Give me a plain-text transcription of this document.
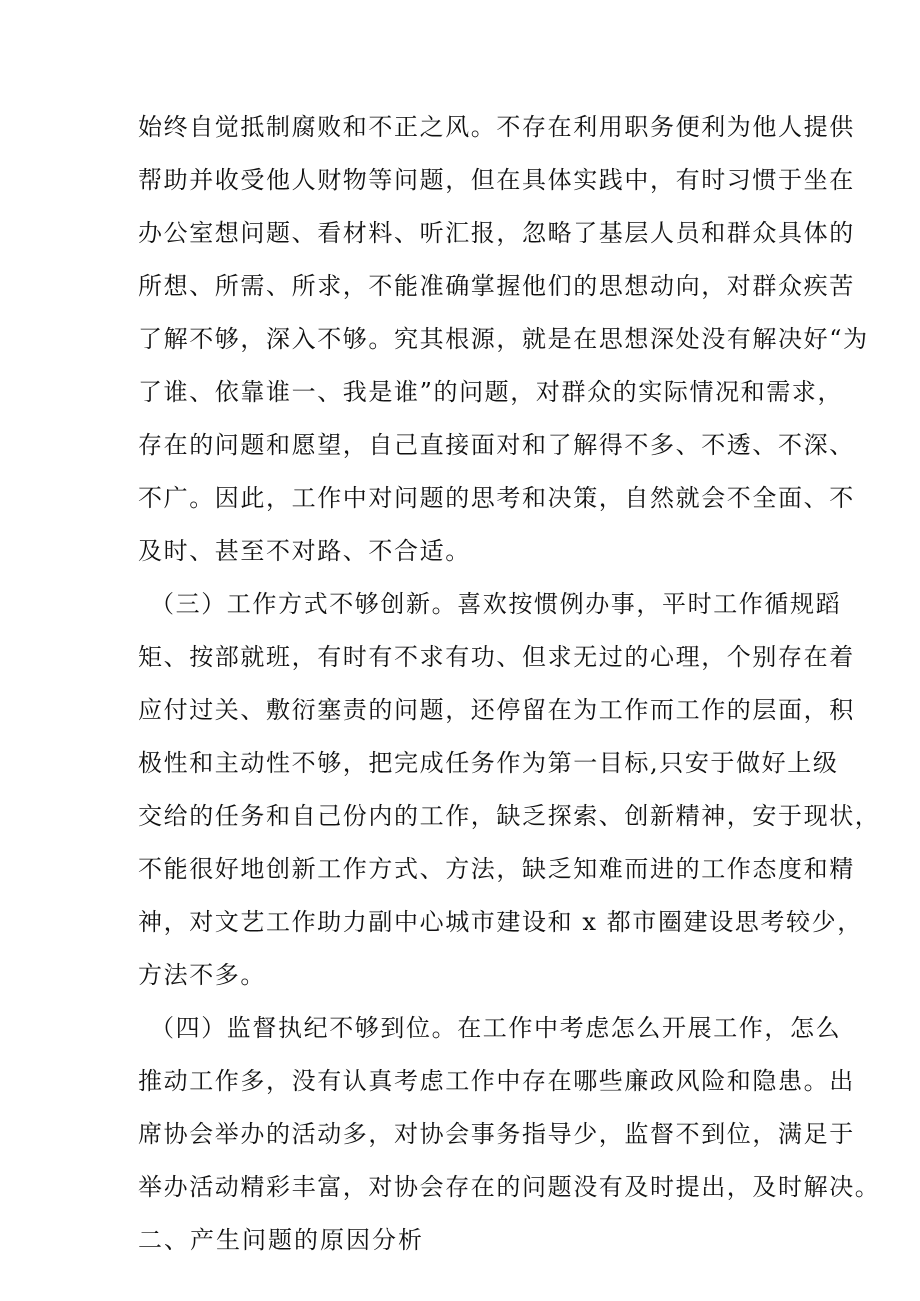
始终自觉抵制腐败和不正之风。不存在利用职务便利为他人提供
帮助并收受他人财物等问题，但在具体实践中，有时习惯于坐在
办公室想问题、看材料、听汇报，忽略了基层人员和群众具体的
所想、所需、所求，不能准确掌握他们的思想动向，对群众疾苦
了解不够，深入不够。究其根源，就是在思想深处没有解决好“为
了谁、依靠谁一、我是谁”的问题，对群众的实际情况和需求，
存在的问题和愿望，自己直接面对和了解得不多、不透、不深、
不广。因此，工作中对问题的思考和决策，自然就会不全面、不
及时、甚至不对路、不合适。
（三）工作方式不够创新。喜欢按惯例办事，平时工作循规蹈
矩、按部就班，有时有不求有功、但求无过的心理，个别存在着
应付过关、敷衍塞责的问题，还停留在为工作而工作的层面，积
极性和主动性不够，把完成任务作为第一目标,只安于做好上级
交给的任务和自己份内的工作，缺乏探索、创新精神，安于现状，
不能很好地创新工作方式、方法，缺乏知难而进的工作态度和精
神，对文艺工作助力副中心城市建设和 x 都市圈建设思考较少，
方法不多。
（四）监督执纪不够到位。在工作中考虑怎么开展工作，怎么
推动工作多，没有认真考虑工作中存在哪些廉政风险和隐患。出
席协会举办的活动多，对协会事务指导少，监督不到位，满足于
举办活动精彩丰富，对协会存在的问题没有及时提出，及时解决。
二、产生问题的原因分析
